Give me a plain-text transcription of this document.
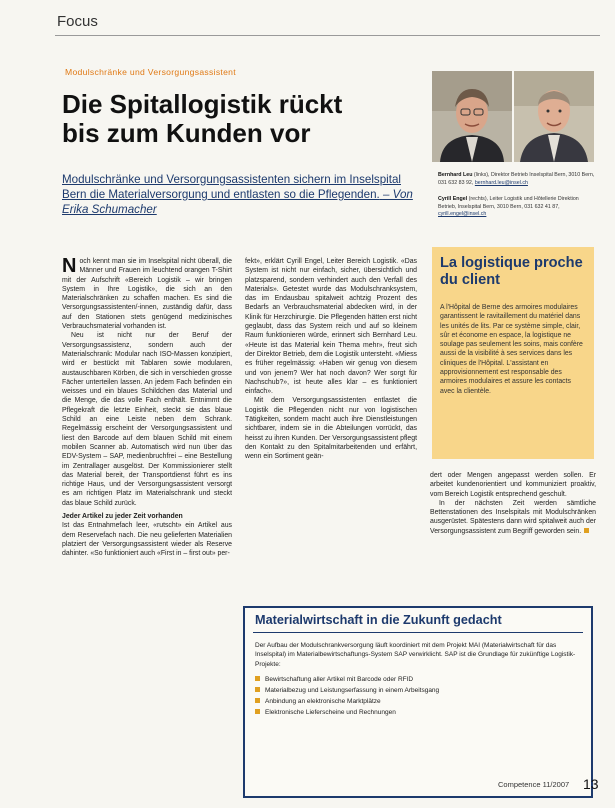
Focus
Modulschränke und Versorgungsassistent
Die Spitallogistik rückt
bis zum Kunden vor
Modulschränke und Versorgungsassistenten sichern im Inselspital Bern die Materialversorgung und entlasten so die Pflegenden. – Von Erika Schumacher
Bernhard Leu (links), Direktor Betrieb Inselspital Bern, 3010 Bern, 031 632 83 92, bernhard.leu@insel.ch
Cyrill Engel (rechts), Leiter Logistik und Hôtellerie Direktion Betrieb, Inselspital Bern, 3010 Bern, 031 632 41 87, cyrill.engel@insel.ch

Noch kennt man sie im Inselspital nicht überall, die Männer und Frauen im leuchtend orangen T-Shirt mit der Aufschrift «Bereich Logistik – wir bringen System in Ihre Logistik», die sich an den Materialschränken zu schaffen machen. Es sind die Versorgungsassistenten/-innen, zuständig dafür, dass auf den Stationen stets genügend medizinisches Verbrauchsmaterial vorhanden ist.

Neu ist nicht nur der Beruf der Versorgungsassistenz, sondern auch der Materialschrank: Modular nach ISO-Massen konzipiert, wird er bestückt mit Tablaren sowie modularen, austauschbaren Körben, die sich in verschieden grosse Fächer unterteilen lassen. An jedem Fach befinden ein weisses und ein blaues Schildchen das Material und die Menge, die das volle Fach enthält. Entnimmt die Pflegekraft die letzte Einheit, steckt sie das blaue Schild an eine Leiste neben dem Schrank. Regelmässig erscheint der Versorgungsassistent und liest den Barcode auf dem blauen Schild mit einem mobilen Scanner ab. Automatisch wird nun über das EDV-System – SAP, medienbruchfrei – eine Bestellung im Zentrallager ausgelöst. Der Kommissionierer stellt das Material bereit, der Transportdienst führt es ins richtige Haus, und der Versorgungsassistent versorgt es am richtigen Platz im Materialschrank und steckt das blaue Schild zurück.

Jeder Artikel zu jeder Zeit vorhanden

Ist das Entnahmefach leer, «rutscht» ein Artikel aus dem Reservefach nach. Die neu gelieferten Materialien platziert der Versorgungsassistent wieder als Reserve dahinter. «So funktioniert auch «First in – first out» per-

fekt», erklärt Cyrill Engel, Leiter Bereich Logistik. «Das System ist nicht nur einfach, sicher, übersichtlich und platzsparend, sondern verhindert auch den Verfall des Materials». Getestet wurde das Modulschranksystem, das im Endausbau spitalweit achtzig Prozent des Bedarfs an Verbrauchsmaterial abdecken wird, in der Klinik für Herzchirurgie. Die Pflegenden hätten erst nicht geglaubt, dass das System reich und auf so kleinem Raum funktionieren würde, erinnert sich Bernhard Leu. «Heute ist das Material kein Thema mehr», freut sich der Direktor Betrieb, dem die Logistik untersteht. «Miess es früher regelmässig: «Haben wir genug von diesem und von jenem? Wer hat noch davon? Wer sorgt für Nachschub?», ist heute alles klar – es funktioniert einfach».

Mit dem Versorgungsassistenten entlastet die Logistik die Pflegenden nicht nur von logistischen Tätigkeiten, sondern macht auch ihre Dienstleistungen sichtbarer, indem sie in die Abteilungen vorrückt, das heisst zu ihren Kunden. Der Versorgungsassistent pflegt den Kontakt zu den Spitalmitarbeitenden und erfährt, wenn ein Sortiment geän-

La logistique proche du client
A l'Hôpital de Berne des armoires modulaires garantissent le ravitaillement du matériel dans les unités de lits. Par ce système simple, clair, sûr et économe en espace, la logistique ne soulage pas seulement les soins, mais confère aussi de la visibilité à ses services dans les cliniques de l'Hôpital. L'assistant en approvisionnement est responsable des armoires modulaires et assure les contacts avec la clientèle.

dert oder Mengen angepasst werden sollen. Er arbeitet kundenorientiert und kommuniziert proaktiv, vom Bereich Logistik entsprechend geschult.

In der nächsten Zeit werden sämtliche Bettenstationen des Inselspitals mit Modulschränken ausgerüstet. Spätestens dann wird spitalweit auch der Versorgungsassistent zum Begriff geworden sein.

Materialwirtschaft in die Zukunft gedacht
Der Aufbau der Modulschrankversorgung läuft koordiniert mit dem Projekt MAI (Materialwirtschaft für das Inselspital) im Materialbewirtschaftungs-System SAP verwirklicht. SAP ist die Grundlage für zukünftige Logistik-Projekte:
Bewirtschaftung aller Artikel mit Barcode oder RFID
Materialbezug und Leistungserfassung in einem Arbeitsgang
Anbindung an elektronische Marktplätze
Elektronische Lieferscheine und Rechnungen
Competence 11/2007 13
